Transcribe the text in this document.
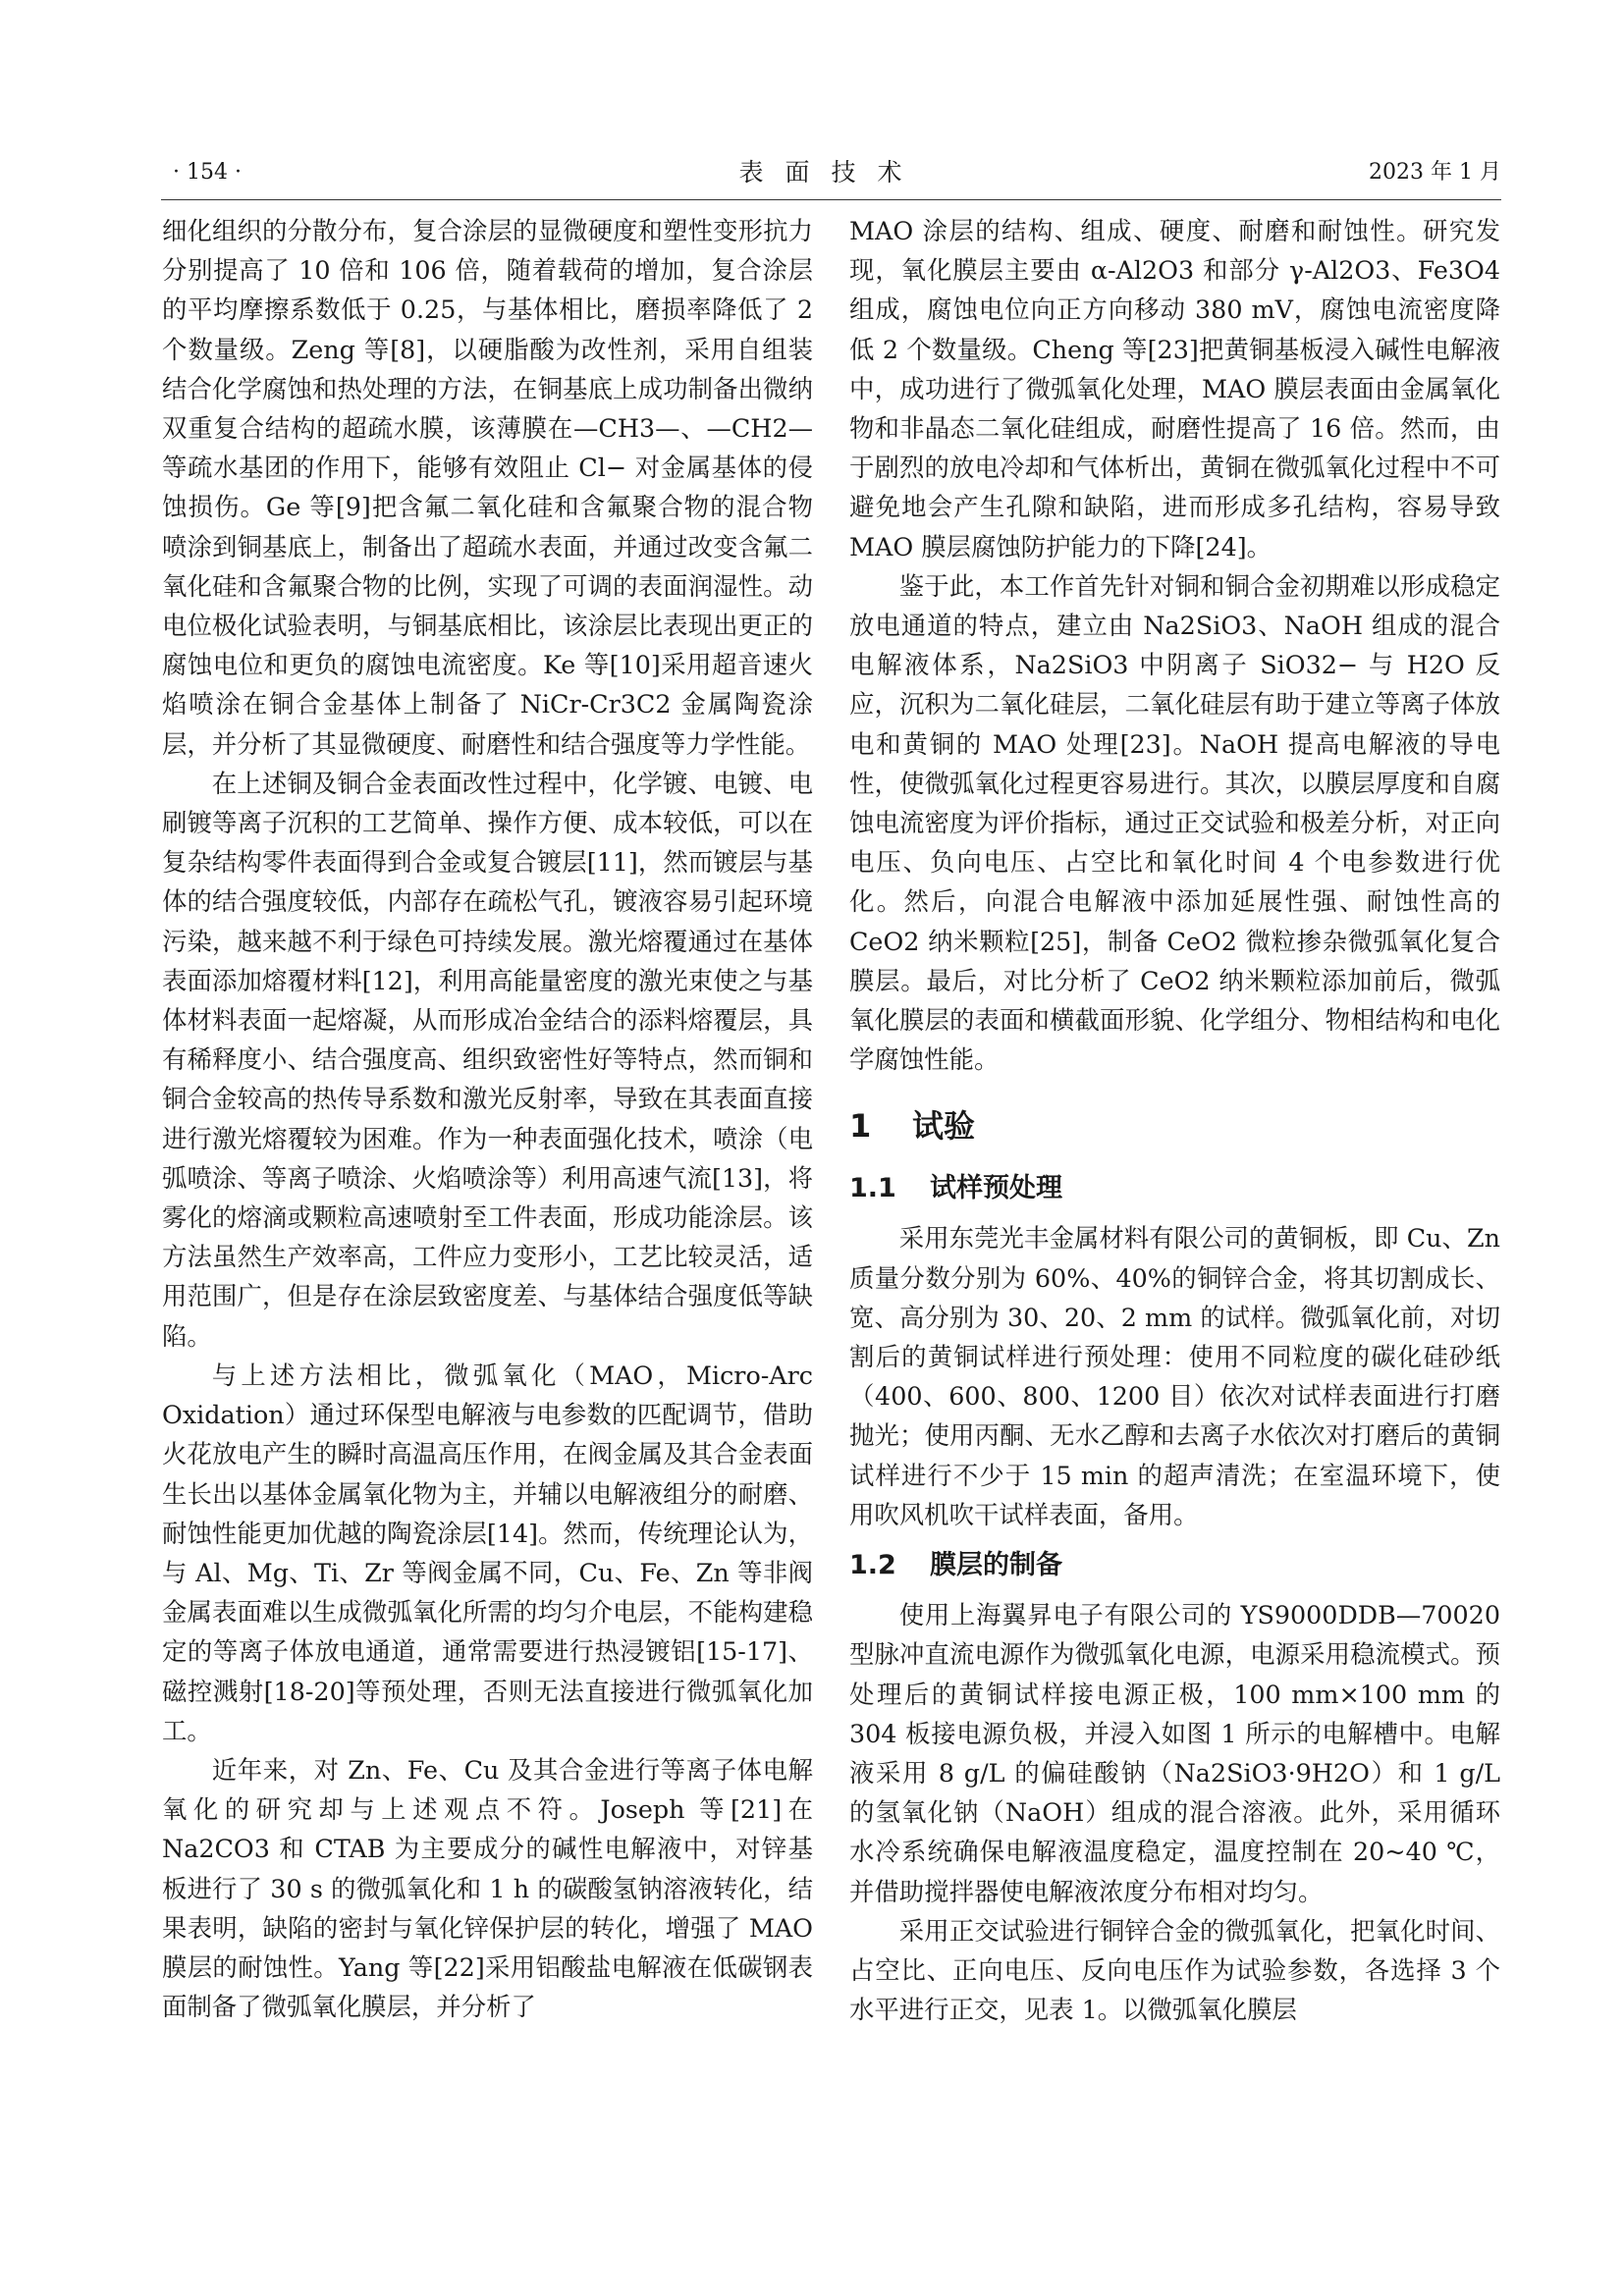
· 154 ·	表面技术	2023 年 1 月

细化组织的分散分布，复合涂层的显微硬度和塑性变形抗力分别提高了 10 倍和 106 倍，随着载荷的增加，复合涂层的平均摩擦系数低于 0.25，与基体相比，磨损率降低了 2 个数量级。Zeng 等[8]，以硬脂酸为改性剂，采用自组装结合化学腐蚀和热处理的方法，在铜基底上成功制备出微纳双重复合结构的超疏水膜，该薄膜在—CH3—、—CH2—等疏水基团的作用下，能够有效阻止 Cl− 对金属基体的侵蚀损伤。Ge 等[9]把含氟二氧化硅和含氟聚合物的混合物喷涂到铜基底上，制备出了超疏水表面，并通过改变含氟二氧化硅和含氟聚合物的比例，实现了可调的表面润湿性。动电位极化试验表明，与铜基底相比，该涂层比表现出更正的腐蚀电位和更负的腐蚀电流密度。Ke 等[10]采用超音速火焰喷涂在铜合金基体上制备了 NiCr-Cr3C2 金属陶瓷涂层，并分析了其显微硬度、耐磨性和结合强度等力学性能。

在上述铜及铜合金表面改性过程中，化学镀、电镀、电刷镀等离子沉积的工艺简单、操作方便、成本较低，可以在复杂结构零件表面得到合金或复合镀层[11]，然而镀层与基体的结合强度较低，内部存在疏松气孔，镀液容易引起环境污染，越来越不利于绿色可持续发展。激光熔覆通过在基体表面添加熔覆材料[12]，利用高能量密度的激光束使之与基体材料表面一起熔凝，从而形成冶金结合的添料熔覆层，具有稀释度小、结合强度高、组织致密性好等特点，然而铜和铜合金较高的热传导系数和激光反射率，导致在其表面直接进行激光熔覆较为困难。作为一种表面强化技术，喷涂（电弧喷涂、等离子喷涂、火焰喷涂等）利用高速气流[13]，将雾化的熔滴或颗粒高速喷射至工件表面，形成功能涂层。该方法虽然生产效率高，工件应力变形小，工艺比较灵活，适用范围广，但是存在涂层致密度差、与基体结合强度低等缺陷。

与上述方法相比，微弧氧化（MAO，Micro-Arc Oxidation）通过环保型电解液与电参数的匹配调节，借助火花放电产生的瞬时高温高压作用，在阀金属及其合金表面生长出以基体金属氧化物为主，并辅以电解液组分的耐磨、耐蚀性能更加优越的陶瓷涂层[14]。然而，传统理论认为，与 Al、Mg、Ti、Zr 等阀金属不同，Cu、Fe、Zn 等非阀金属表面难以生成微弧氧化所需的均匀介电层，不能构建稳定的等离子体放电通道，通常需要进行热浸镀铝[15-17]、磁控溅射[18-20]等预处理，否则无法直接进行微弧氧化加工。

近年来，对 Zn、Fe、Cu 及其合金进行等离子体电解氧化的研究却与上述观点不符。Joseph 等[21]在 Na2CO3 和 CTAB 为主要成分的碱性电解液中，对锌基板进行了 30 s 的微弧氧化和 1 h 的碳酸氢钠溶液转化，结果表明，缺陷的密封与氧化锌保护层的转化，增强了 MAO 膜层的耐蚀性。Yang 等[22]采用铝酸盐电解液在低碳钢表面制备了微弧氧化膜层，并分析了

MAO 涂层的结构、组成、硬度、耐磨和耐蚀性。研究发现，氧化膜层主要由 α-Al2O3 和部分 γ-Al2O3、Fe3O4 组成，腐蚀电位向正方向移动 380 mV，腐蚀电流密度降低 2 个数量级。Cheng 等[23]把黄铜基板浸入碱性电解液中，成功进行了微弧氧化处理，MAO 膜层表面由金属氧化物和非晶态二氧化硅组成，耐磨性提高了 16 倍。然而，由于剧烈的放电冷却和气体析出，黄铜在微弧氧化过程中不可避免地会产生孔隙和缺陷，进而形成多孔结构，容易导致 MAO 膜层腐蚀防护能力的下降[24]。

鉴于此，本工作首先针对铜和铜合金初期难以形成稳定放电通道的特点，建立由 Na2SiO3、NaOH 组成的混合电解液体系，Na2SiO3 中阴离子 SiO32− 与 H2O 反应，沉积为二氧化硅层，二氧化硅层有助于建立等离子体放电和黄铜的 MAO 处理[23]。NaOH 提高电解液的导电性，使微弧氧化过程更容易进行。其次，以膜层厚度和自腐蚀电流密度为评价指标，通过正交试验和极差分析，对正向电压、负向电压、占空比和氧化时间 4 个电参数进行优化。然后，向混合电解液中添加延展性强、耐蚀性高的 CeO2 纳米颗粒[25]，制备 CeO2 微粒掺杂微弧氧化复合膜层。最后，对比分析了 CeO2 纳米颗粒添加前后，微弧氧化膜层的表面和横截面形貌、化学组分、物相结构和电化学腐蚀性能。

1 试验
1.1 试样预处理

采用东莞光丰金属材料有限公司的黄铜板，即 Cu、Zn 质量分数分别为 60%、40%的铜锌合金，将其切割成长、宽、高分别为 30、20、2 mm 的试样。微弧氧化前，对切割后的黄铜试样进行预处理：使用不同粒度的碳化硅砂纸（400、600、800、1200 目）依次对试样表面进行打磨抛光；使用丙酮、无水乙醇和去离子水依次对打磨后的黄铜试样进行不少于 15 min 的超声清洗；在室温环境下，使用吹风机吹干试样表面，备用。

1.2 膜层的制备

使用上海翼昇电子有限公司的 YS9000DDB—70020 型脉冲直流电源作为微弧氧化电源，电源采用稳流模式。预处理后的黄铜试样接电源正极，100 mm×100 mm 的 304 板接电源负极，并浸入如图 1 所示的电解槽中。电解液采用 8 g/L 的偏硅酸钠（Na2SiO3·9H2O）和 1 g/L 的氢氧化钠（NaOH）组成的混合溶液。此外，采用循环水冷系统确保电解液温度稳定，温度控制在 20~40 ℃，并借助搅拌器使电解液浓度分布相对均匀。

采用正交试验进行铜锌合金的微弧氧化，把氧化时间、占空比、正向电压、反向电压作为试验参数，各选择 3 个水平进行正交，见表 1。以微弧氧化膜层
